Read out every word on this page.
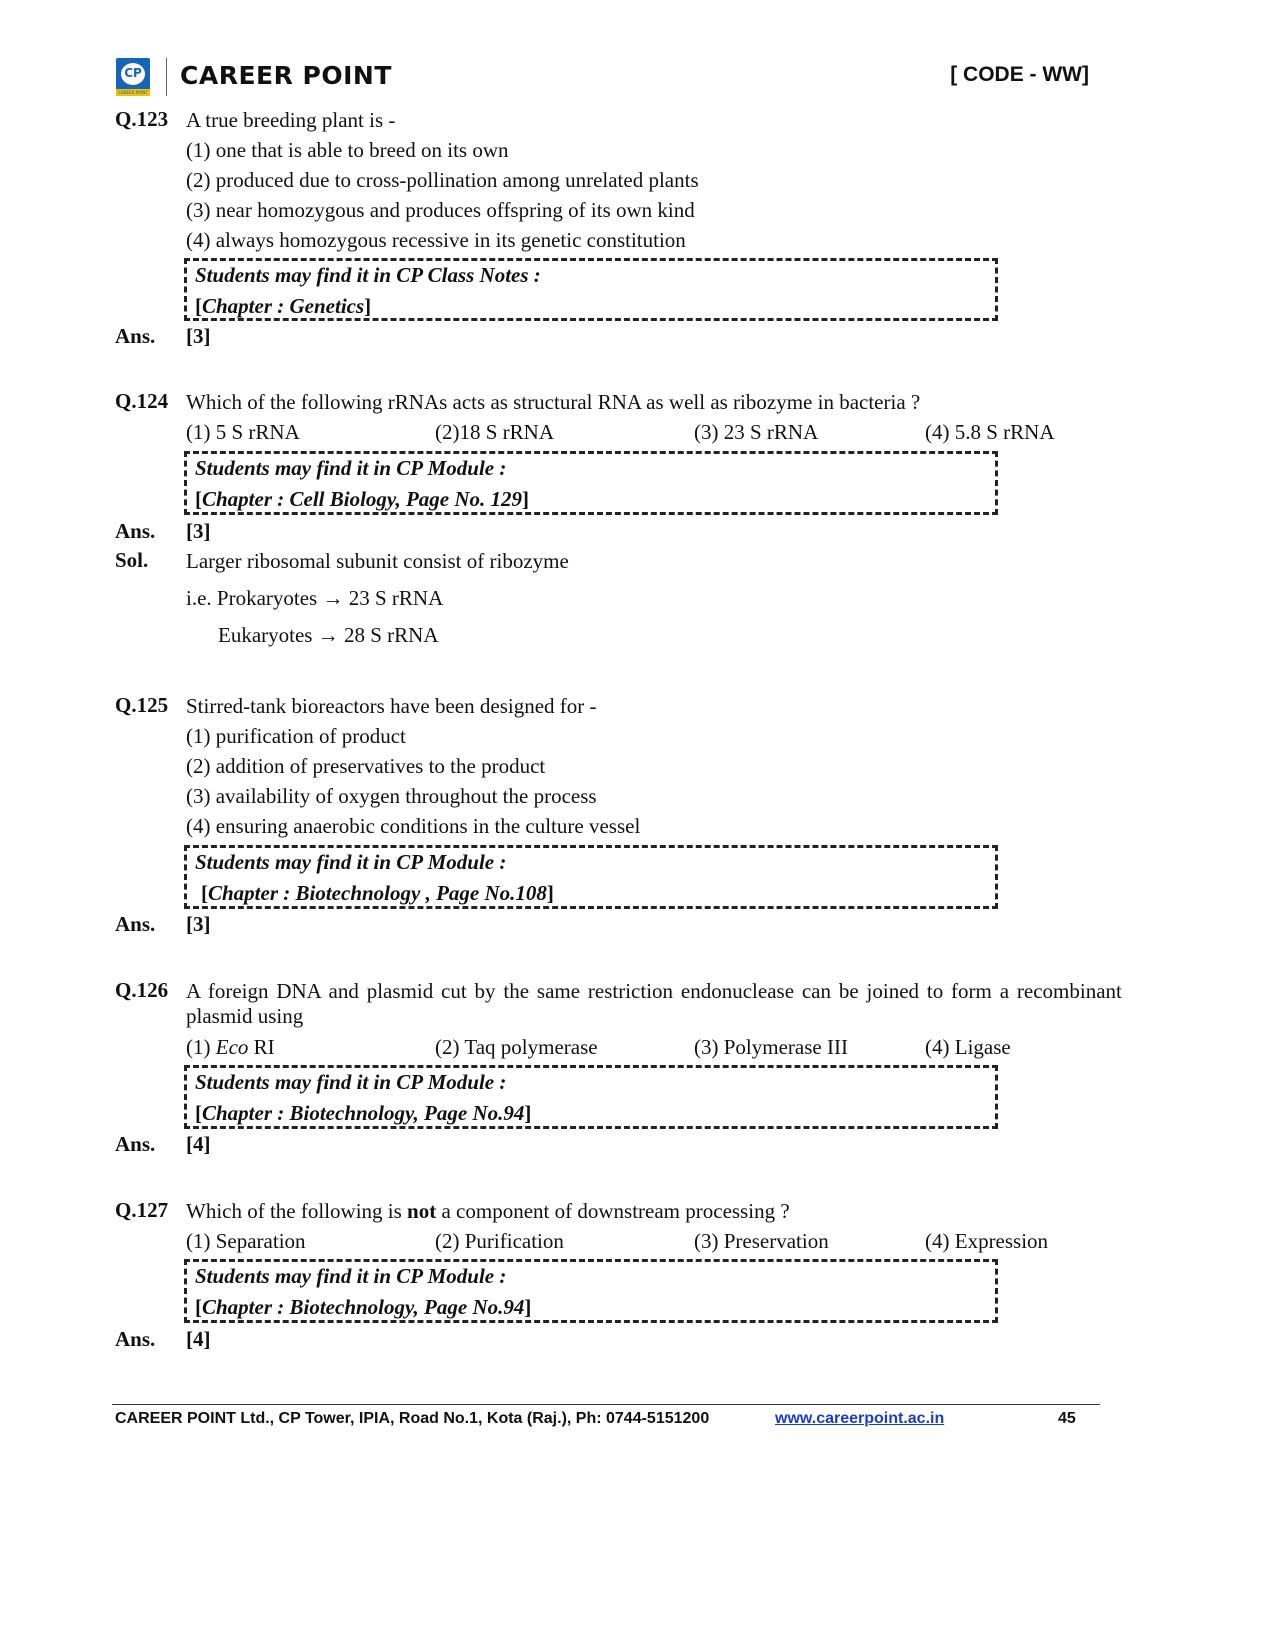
CP
CAREER POINT
CAREER POINT	[ CODE - WW]
Q.123 A true breeding plant is -
(1) one that is able to breed on its own
(2) produced due to cross-pollination among unrelated plants
(3) near homozygous and produces offspring of its own kind
(4) always homozygous recessive in its genetic constitution
Students may find it in CP Class Notes :
[Chapter : Genetics]
Ans. [3]
Q.124 Which of the following rRNAs acts as structural RNA as well as ribozyme in bacteria ?
(1) 5 S rRNA	(2)18 S rRNA	(3) 23 S rRNA	(4) 5.8 S rRNA
Students may find it in CP Module :
[Chapter : Cell Biology, Page No. 129]
Ans. [3]
Sol. Larger ribosomal subunit consist of ribozyme
i.e. Prokaryotes → 23 S rRNA
Eukaryotes → 28 S rRNA
Q.125 Stirred-tank bioreactors have been designed for -
(1) purification of product
(2) addition of preservatives to the product
(3) availability of oxygen throughout the process
(4) ensuring anaerobic conditions in the culture vessel
Students may find it in CP Module :
[Chapter : Biotechnology , Page No.108]
Ans. [3]
Q.126 A foreign DNA and plasmid cut by the same restriction endonuclease can be joined to form a recombinant
plasmid using
(1) Eco RI	(2) Taq polymerase	(3) Polymerase III	(4) Ligase
Students may find it in CP Module :
[Chapter : Biotechnology, Page No.94]
Ans. [4]
Q.127 Which of the following is not a component of downstream processing ?
(1) Separation	(2) Purification	(3) Preservation	(4) Expression
Students may find it in CP Module :
[Chapter : Biotechnology, Page No.94]
Ans. [4]
CAREER POINT Ltd., CP Tower, IPIA, Road No.1, Kota (Raj.), Ph: 0744-5151200	www.careerpoint.ac.in	45
